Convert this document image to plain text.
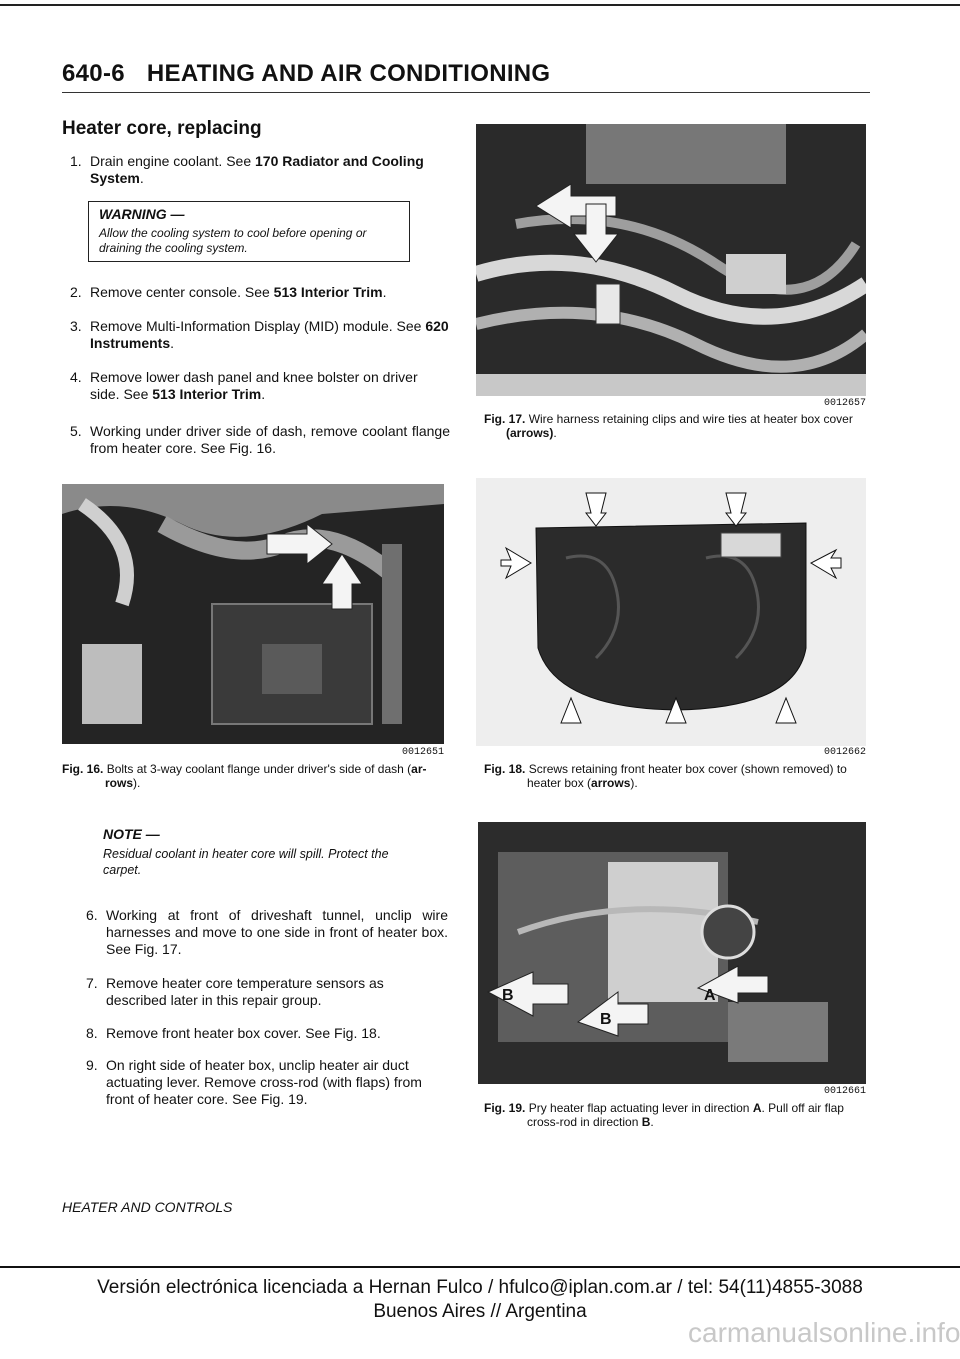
640-6 HEATING AND AIR CONDITIONING
Heater core, replacing
1. Drain engine coolant. See 170 Radiator and Cooling System.
WARNING —
Allow the cooling system to cool before opening or draining the cooling system.
2. Remove center console. See 513 Interior Trim.
3. Remove Multi-Information Display (MID) module. See 620 Instruments.
4. Remove lower dash panel and knee bolster on driver side. See 513 Interior Trim.
5. Working under driver side of dash, remove coolant flange from heater core. See Fig. 16.
0012651
Fig. 16. Bolts at 3-way coolant flange under driver's side of dash (ar-
rows).
NOTE —
Residual coolant in heater core will spill. Protect the carpet.
6. Working at front of driveshaft tunnel, unclip wire harnesses and move to one side in front of heater box. See Fig. 17.
7. Remove heater core temperature sensors as described later in this repair group.
8. Remove front heater box cover. See Fig. 18.
9. On right side of heater box, unclip heater air duct actuating lever. Remove cross-rod (with flaps) from front of heater core. See Fig. 19.
0012657
Fig. 17. Wire harness retaining clips and wire ties at heater box cover
(arrows).
0012662
Fig. 18. Screws retaining front heater box cover (shown removed) to
heater box (arrows).
B
B
A
0012661
Fig. 19. Pry heater flap actuating lever in direction A. Pull off air flap
cross-rod in direction B.
HEATER AND CONTROLS
Versión electrónica licenciada a Hernan Fulco / hfulco@iplan.com.ar / tel: 54(11)4855-3088
Buenos Aires // Argentina
carmanualsonline.info
